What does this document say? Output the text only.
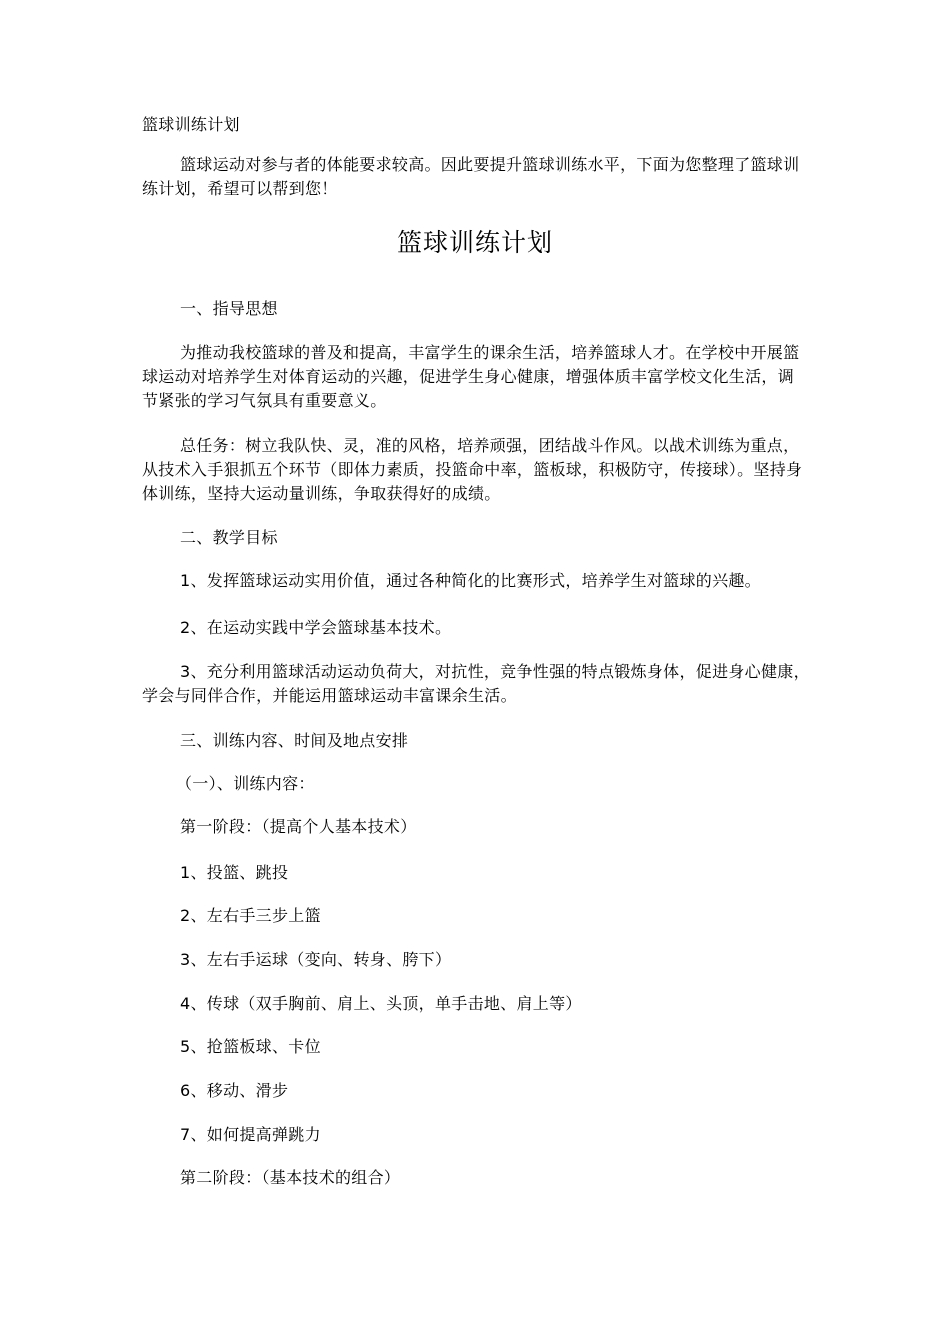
篮球训练计划
篮球运动对参与者的体能要求较高。因此要提升篮球训练水平，下面为您整理了篮球训练计划，希望可以帮到您！
篮球训练计划
一、指导思想
为推动我校篮球的普及和提高，丰富学生的课余生活，培养篮球人才。在学校中开展篮球运动对培养学生对体育运动的兴趣，促进学生身心健康，增强体质丰富学校文化生活，调节紧张的学习气氛具有重要意义。
总任务：树立我队快、灵，准的风格，培养顽强，团结战斗作风。以战术训练为重点，从技术入手狠抓五个环节（即体力素质，投篮命中率，篮板球，积极防守，传接球）。坚持身体训练，坚持大运动量训练，争取获得好的成绩。
二、教学目标
1、发挥篮球运动实用价值，通过各种简化的比赛形式，培养学生对篮球的兴趣。
2、在运动实践中学会篮球基本技术。
3、充分利用篮球活动运动负荷大，对抗性，竞争性强的特点锻炼身体，促进身心健康，学会与同伴合作，并能运用篮球运动丰富课余生活。
三、训练内容、时间及地点安排
（一）、训练内容：
第一阶段：（提高个人基本技术）
1、投篮、跳投
2、左右手三步上篮
3、左右手运球（变向、转身、胯下）
4、传球（双手胸前、肩上、头顶，单手击地、肩上等）
5、抢篮板球、卡位
6、移动、滑步
7、如何提高弹跳力
第二阶段：（基本技术的组合）
